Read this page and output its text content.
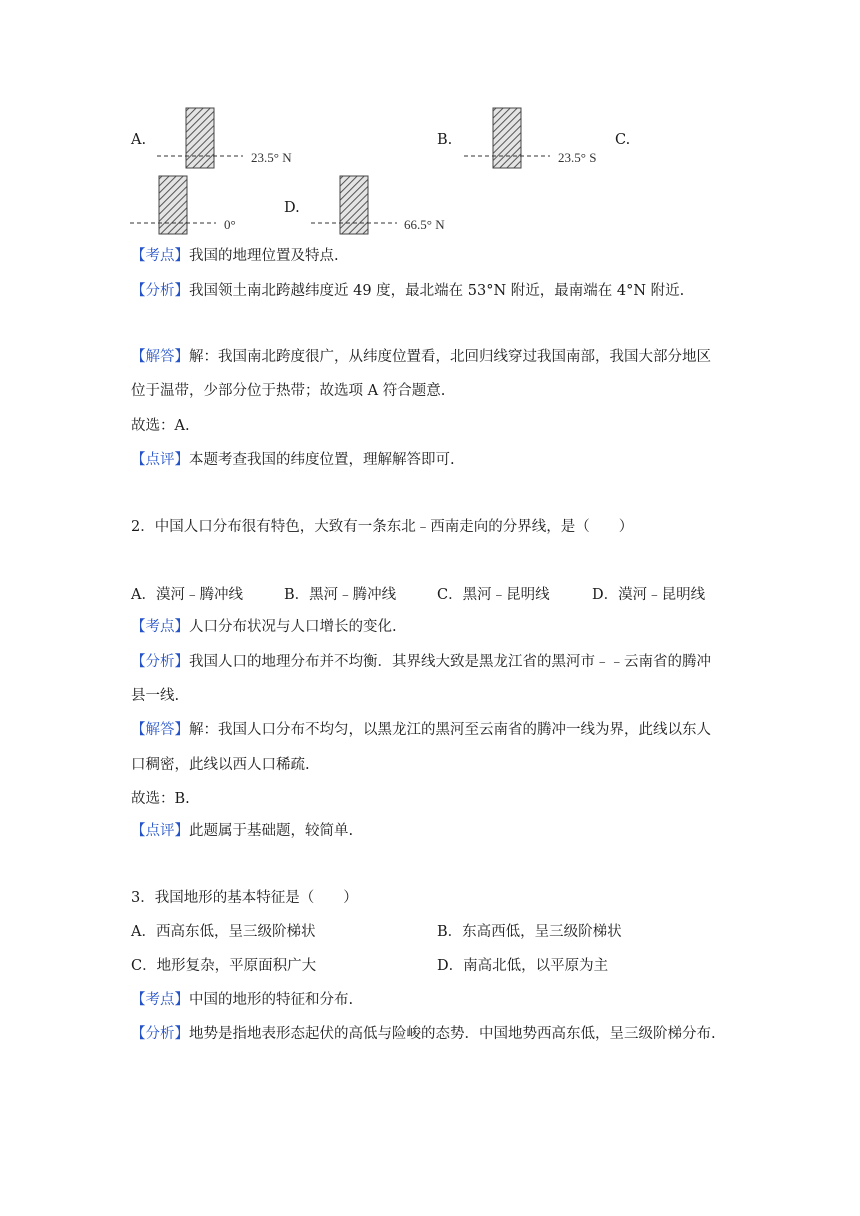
A.
23.5° N
B.
23.5° S
C.
0°
D.
66.5° N
【考点】我国的地理位置及特点.
【分析】我国领土南北跨越纬度近 49 度，最北端在 53°N 附近，最南端在 4°N 附近.
【解答】解：我国南北跨度很广，从纬度位置看，北回归线穿过我国南部，我国大部分地区
位于温带，少部分位于热带；故选项 A 符合题意.
故选：A.
【点评】本题考查我国的纬度位置，理解解答即可.
2．中国人口分布很有特色，大致有一条东北﹣西南走向的分界线，是（　　）
A．漠河﹣腾冲线	B．黑河﹣腾冲线	C．黑河﹣昆明线	D．漠河﹣昆明线
【考点】人口分布状况与人口增长的变化.
【分析】我国人口的地理分布并不均衡．其界线大致是黑龙江省的黑河市﹣﹣云南省的腾冲
县一线.
【解答】解：我国人口分布不均匀，以黑龙江的黑河至云南省的腾冲一线为界，此线以东人
口稠密，此线以西人口稀疏.
故选：B.
【点评】此题属于基础题，较简单.
3．我国地形的基本特征是（　　）
A．西高东低，呈三级阶梯状	B．东高西低，呈三级阶梯状
C．地形复杂，平原面积广大	D．南高北低，以平原为主
【考点】中国的地形的特征和分布.
【分析】地势是指地表形态起伏的高低与险峻的态势．中国地势西高东低，呈三级阶梯分布.
